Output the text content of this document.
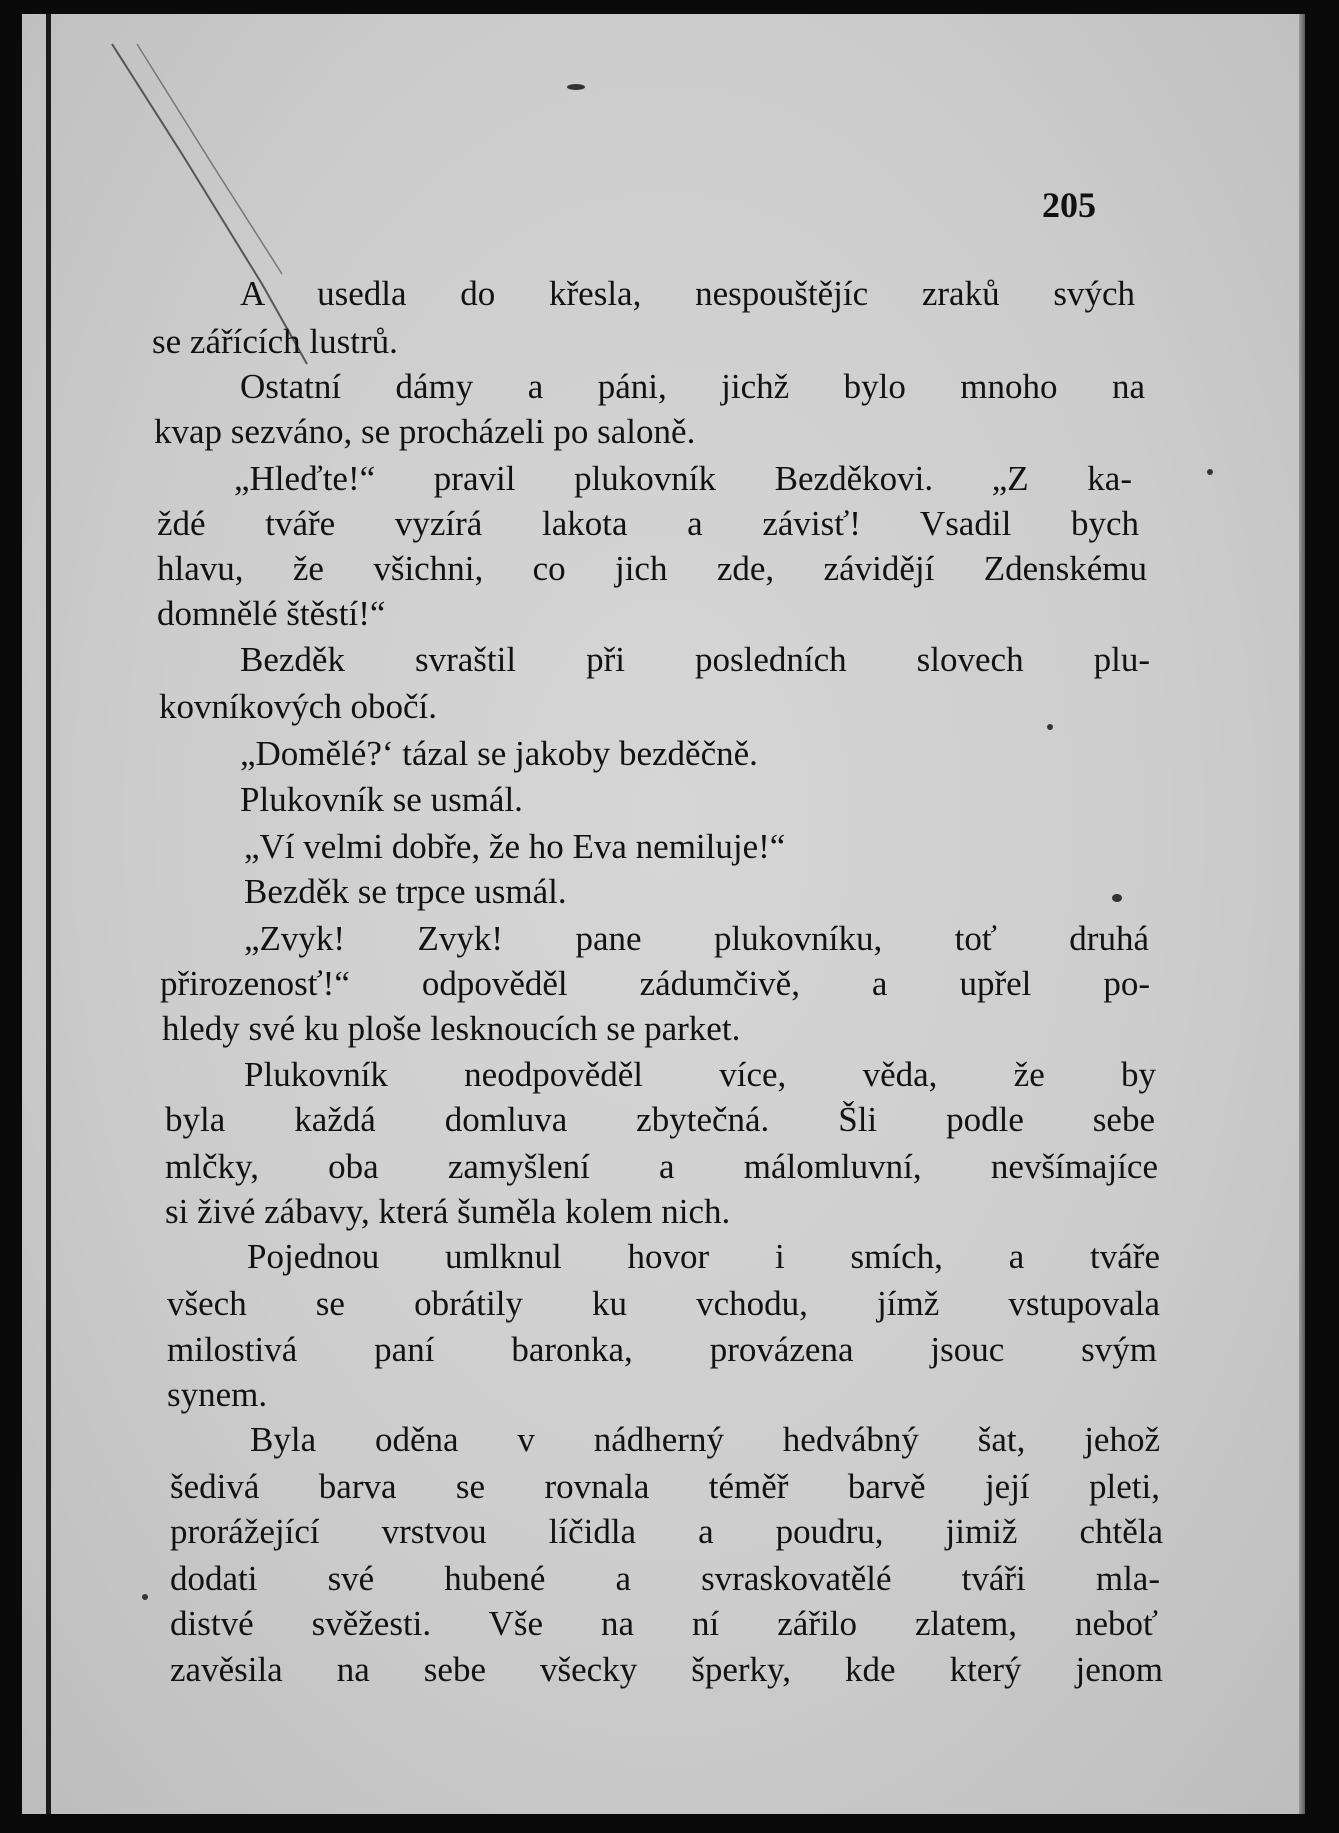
205
A usedla do křesla, nespouštějíc zraků svých
se zářících lustrů.
Ostatní dámy a páni, jichž bylo mnoho na
kvap sezváno, se procházeli po saloně.
„Hleďte!“ pravil plukovník Bezděkovi. „Z ka-
ždé tváře vyzírá lakota a závisť! Vsadil bych
hlavu, že všichni, co jich zde, závidějí Zdenskému
domnělé štěstí!“
Bezděk svraštil při posledních slovech plu-
kovníkových obočí.
„Domělé?‘ tázal se jakoby bezděčně.
Plukovník se usmál.
„Ví velmi dobře, že ho Eva nemiluje!“
Bezděk se trpce usmál.
„Zvyk! Zvyk! pane plukovníku, toť druhá
přirozenosť!“ odpověděl zádumčivě, a upřel po-
hledy své ku ploše lesknoucích se parket.
Plukovník neodpověděl více, věda, že by
byla každá domluva zbytečná. Šli podle sebe
mlčky, oba zamyšlení a málomluvní, nevšímajíce
si živé zábavy, která šuměla kolem nich.
Pojednou umlknul hovor i smích, a tváře
všech se obrátily ku vchodu, jímž vstupovala
milostivá paní baronka, provázena jsouc svým
synem.
Byla oděna v nádherný hedvábný šat, jehož
šedivá barva se rovnala téměř barvě její pleti,
prorážející vrstvou líčidla a poudru, jimiž chtěla
dodati své hubené a svraskovatělé tváři mla-
distvé svěžesti. Vše na ní zářilo zlatem, neboť
zavěsila na sebe všecky šperky, kde který jenom
